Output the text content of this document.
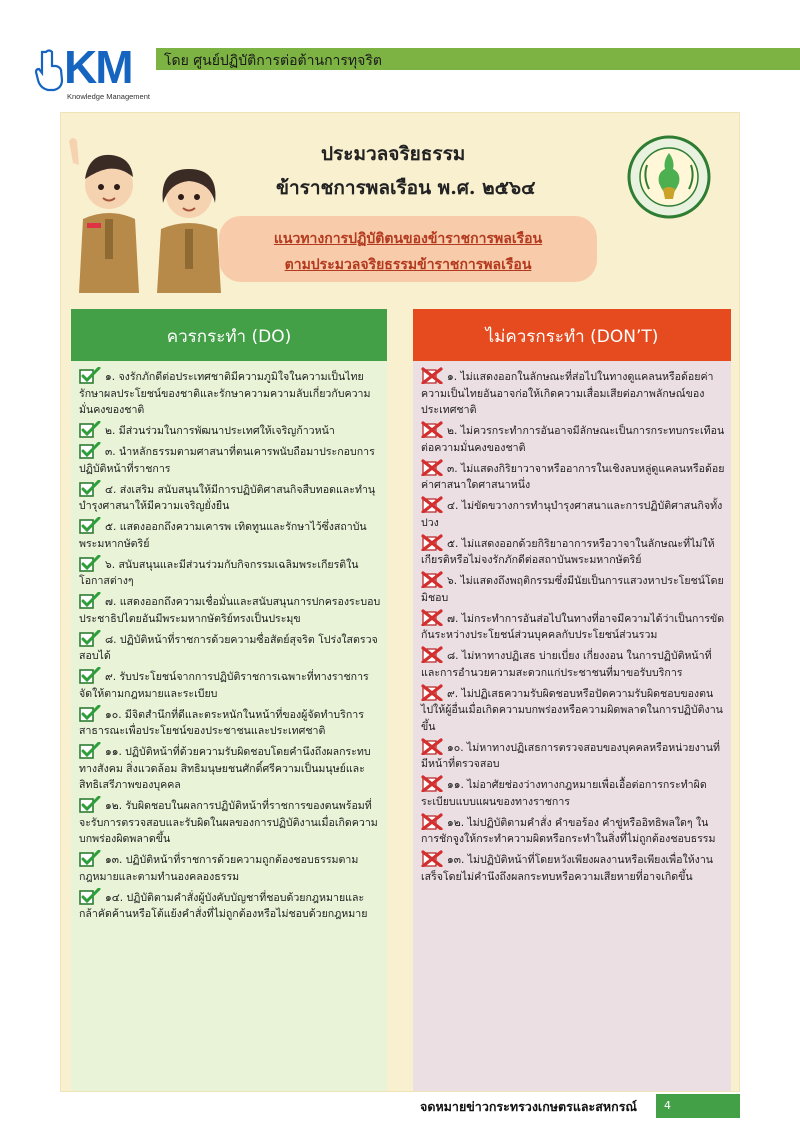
KM
Knowledge Management
โดย ศูนย์ปฏิบัติการต่อต้านการทุจริต
ประมวลจริยธรรม
ข้าราชการพลเรือน พ.ศ. ๒๕๖๔
แนวทางการปฏิบัติตนของข้าราชการพลเรือน
ตามประมวลจริยธรรมข้าราชการพลเรือน
ควรกระทำ (DO)
๑. จงรักภักดีต่อประเทศชาติมีความภูมิใจในความเป็นไทย รักษาผลประโยชน์ของชาติและรักษาความความลับเกี่ยวกับความมั่นคงของชาติ
๒. มีส่วนร่วมในการพัฒนาประเทศให้เจริญก้าวหน้า
๓. นำหลักธรรมตามศาสนาที่ตนเคารพนับถือมาประกอบการปฏิบัติหน้าที่ราชการ
๔. ส่งเสริม สนับสนุนให้มีการปฏิบัติศาสนกิจสืบทอดและทำนุบำรุงศาสนาให้มีความเจริญยั่งยืน
๕. แสดงออกถึงความเคารพ เทิดทูนและรักษาไว้ซึ่งสถาบันพระมหากษัตริย์
๖. สนับสนุนและมีส่วนร่วมกับกิจกรรมเฉลิมพระเกียรติในโอกาสต่างๆ
๗. แสดงออกถึงความเชื่อมั่นและสนับสนุนการปกครองระบอบประชาธิปไตยอันมีพระมหากษัตริย์ทรงเป็นประมุข
๘. ปฏิบัติหน้าที่ราชการด้วยความซื่อสัตย์สุจริต โปร่งใสตรวจสอบได้
๙. รับประโยชน์จากการปฏิบัติราชการเฉพาะที่ทางราชการจัดให้ตามกฎหมายและระเบียบ
๑๐. มีจิตสำนึกที่ดีและตระหนักในหน้าที่ของผู้จัดทำบริการสาธารณะเพื่อประโยชน์ของประชาชนและประเทศชาติ
๑๑. ปฏิบัติหน้าที่ด้วยความรับผิดชอบโดยคำนึงถึงผลกระทบทางสังคม สิ่งแวดล้อม สิทธิมนุษยชนศักดิ์ศรีความเป็นมนุษย์และสิทธิเสรีภาพของบุคคล
๑๒. รับผิดชอบในผลการปฏิบัติหน้าที่ราชการของตนพร้อมที่จะรับการตรวจสอบและรับผิดในผลของการปฏิบัติงานเมื่อเกิดความบกพร่องผิดพลาดขึ้น
๑๓. ปฏิบัติหน้าที่ราชการด้วยความถูกต้องชอบธรรมตามกฎหมายและตามทำนองคลองธรรม
๑๔. ปฏิบัติตามคำสั่งผู้บังคับบัญชาที่ชอบด้วยกฎหมายและกล้าคัดค้านหรือโต้แย้งคำสั่งที่ไม่ถูกต้องหรือไม่ชอบด้วยกฎหมาย
ไม่ควรกระทำ (DON’T)
๑. ไม่แสดงออกในลักษณะที่ส่อไปในทางดูแคลนหรือด้อยค่าความเป็นไทยอันอาจก่อให้เกิดความเสื่อมเสียต่อภาพลักษณ์ของประเทศชาติ
๒. ไม่ควรกระทำการอันอาจมีลักษณะเป็นการกระทบกระเทือนต่อความมั่นคงของชาติ
๓. ไม่แสดงกิริยาวาจาหรืออาการในเชิงลบหลู่ดูแคลนหรือด้อยค่าศาสนาใดศาสนาหนึ่ง
๔. ไม่ขัดขวางการทำนุบำรุงศาสนาและการปฏิบัติศาสนกิจทั้งปวง
๕. ไม่แสดงออกด้วยกิริยาอาการหรือวาจาในลักษณะที่ไม่ให้เกียรติหรือไม่จงรักภักดีต่อสถาบันพระมหากษัตริย์
๖. ไม่แสดงถึงพฤติกรรมซึ่งมีนัยเป็นการแสวงหาประโยชน์โดยมิชอบ
๗. ไม่กระทำการอันส่อไปในทางที่อาจมีความได้ว่าเป็นการขัดกันระหว่างประโยชน์ส่วนบุคคลกับประโยชน์ส่วนรวม
๘. ไม่หาทางปฏิเสธ บ่ายเบี่ยง เกี่ยงงอน ในการปฏิบัติหน้าที่และการอำนวยความสะดวกแก่ประชาชนที่มาขอรับบริการ
๙. ไม่ปฏิเสธความรับผิดชอบหรือปัดความรับผิดชอบของตนไปให้ผู้อื่นเมื่อเกิดความบกพร่องหรือความผิดพลาดในการปฏิบัติงานขึ้น
๑๐. ไม่หาทางปฏิเสธการตรวจสอบของบุคคลหรือหน่วยงานที่มีหน้าที่ตรวจสอบ
๑๑. ไม่อาศัยช่องว่างทางกฎหมายเพื่อเอื้อต่อการกระทำผิดระเบียบแบบแผนของทางราชการ
๑๒. ไม่ปฏิบัติตามคำสั่ง คำขอร้อง คำขู่หรืออิทธิพลใดๆ ในการชักจูงให้กระทำความผิดหรือกระทำในสิ่งที่ไม่ถูกต้องชอบธรรม
๑๓. ไม่ปฏิบัติหน้าที่โดยหวังเพียงผลงานหรือเพียงเพื่อให้งานเสร็จโดยไม่คำนึงถึงผลกระทบหรือความเสียหายที่อาจเกิดขึ้น
จดหมายข่าวกระทรวงเกษตรและสหกรณ์	4
